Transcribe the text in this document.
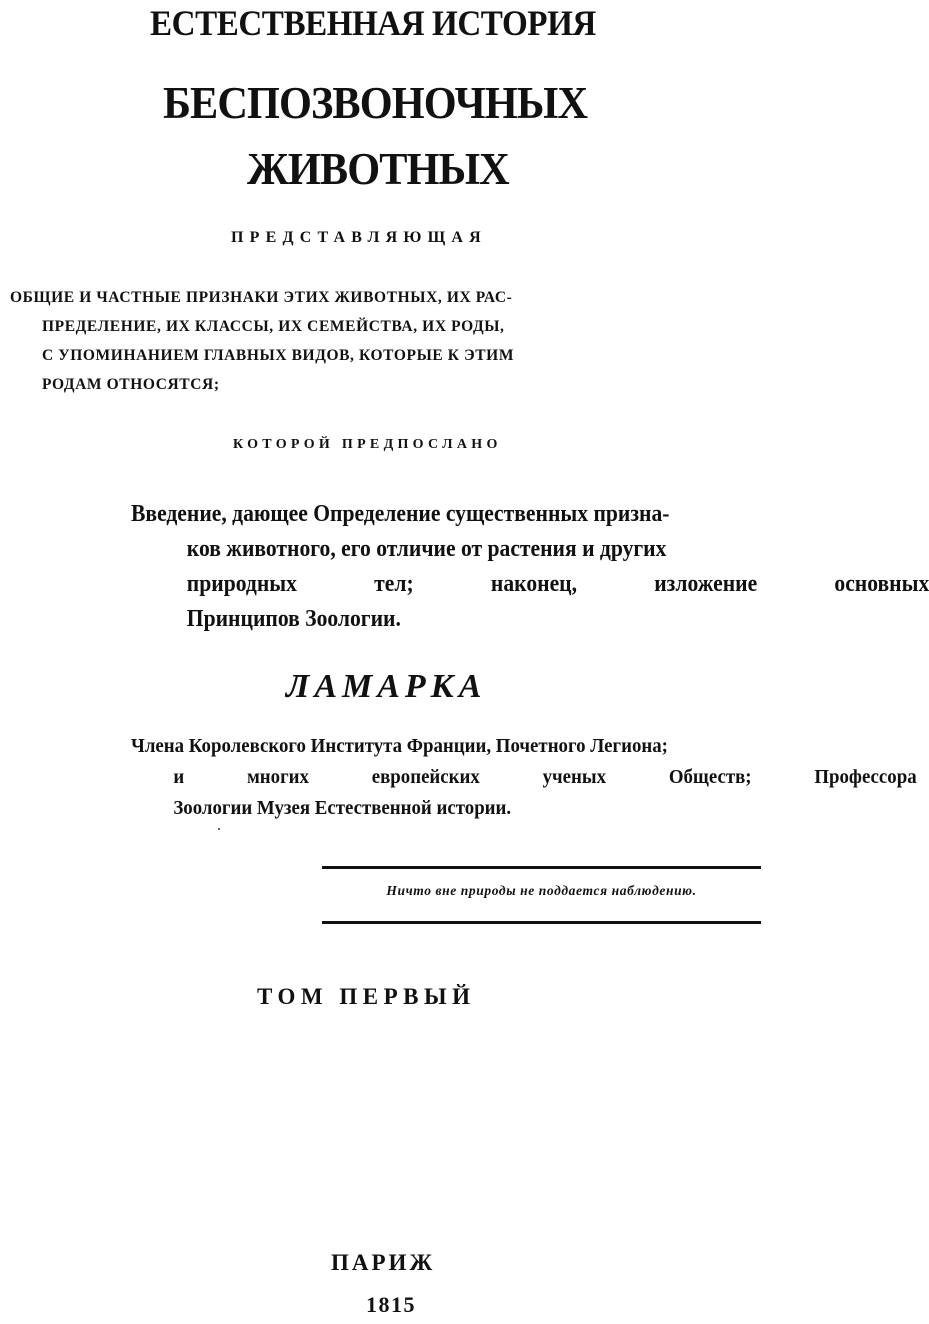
ЕСТЕСТВЕННАЯ ИСТОРИЯ
БЕСПОЗВОНОЧНЫХ
ЖИВОТНЫХ
ПРЕДСТАВЛЯЮЩАЯ
ОБЩИЕ И ЧАСТНЫЕ ПРИЗНАКИ ЭТИХ ЖИВОТНЫХ, ИХ РАС-
ПРЕДЕЛЕНИЕ, ИХ КЛАССЫ, ИХ СЕМЕЙСТВА, ИХ РОДЫ,
С УПОМИНАНИЕМ ГЛАВНЫХ ВИДОВ, КОТОРЫЕ К ЭТИМ
РОДАМ ОТНОСЯТСЯ;
КОТОРОЙ ПРЕДПОСЛАНО
Введение, дающее Определение существенных призна-
ков животного, его отличие от растения и других
природных	тел;	наконец,	изложение	основных
Принципов Зоологии.
ЛАМАРКА
Члена Королевского Института Франции, Почетного Легиона;
и	многих	европейских	ученых	Обществ;	Профессора
Зоологии Музея Естественной истории.
Ничто вне природы не поддается наблюдению.
ТОМ ПЕРВЫЙ
ПАРИЖ
1815
